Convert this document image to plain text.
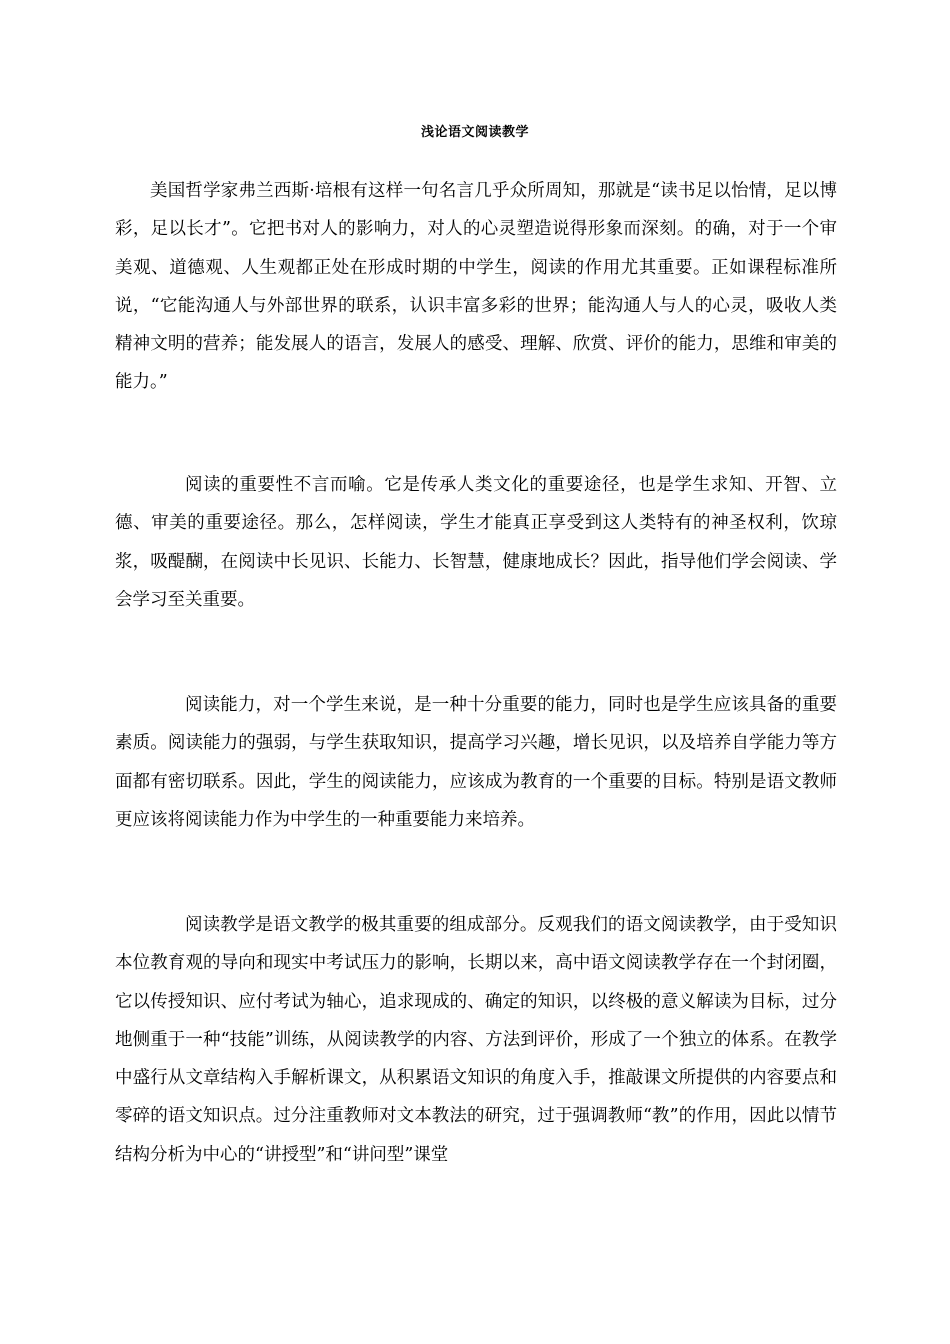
浅论语文阅读教学

美国哲学家弗兰西斯·培根有这样一句名言几乎众所周知，那就是“读书足以怡情，足以博彩，足以长才”。它把书对人的影响力，对人的心灵塑造说得形象而深刻。的确，对于一个审美观、道德观、人生观都正处在形成时期的中学生，阅读的作用尤其重要。正如课程标准所说，“它能沟通人与外部世界的联系，认识丰富多彩的世界；能沟通人与人的心灵，吸收人类精神文明的营养；能发展人的语言，发展人的感受、理解、欣赏、评价的能力，思维和审美的能力。”

阅读的重要性不言而喻。它是传承人类文化的重要途径，也是学生求知、开智、立德、审美的重要途径。那么，怎样阅读，学生才能真正享受到这人类特有的神圣权利，饮琼浆，吸醍醐，在阅读中长见识、长能力、长智慧，健康地成长？因此，指导他们学会阅读、学会学习至关重要。

阅读能力，对一个学生来说，是一种十分重要的能力，同时也是学生应该具备的重要素质。阅读能力的强弱，与学生获取知识，提高学习兴趣，增长见识，以及培养自学能力等方面都有密切联系。因此，学生的阅读能力，应该成为教育的一个重要的目标。特别是语文教师更应该将阅读能力作为中学生的一种重要能力来培养。

阅读教学是语文教学的极其重要的组成部分。反观我们的语文阅读教学，由于受知识本位教育观的导向和现实中考试压力的影响，长期以来，高中语文阅读教学存在一个封闭圈，它以传授知识、应付考试为轴心，追求现成的、确定的知识，以终极的意义解读为目标，过分地侧重于一种“技能”训练，从阅读教学的内容、方法到评价，形成了一个独立的体系。在教学中盛行从文章结构入手解析课文，从积累语文知识的角度入手，推敲课文所提供的内容要点和零碎的语文知识点。过分注重教师对文本教法的研究，过于强调教师“教”的作用，因此以情节结构分析为中心的“讲授型”和“讲问型”课堂
